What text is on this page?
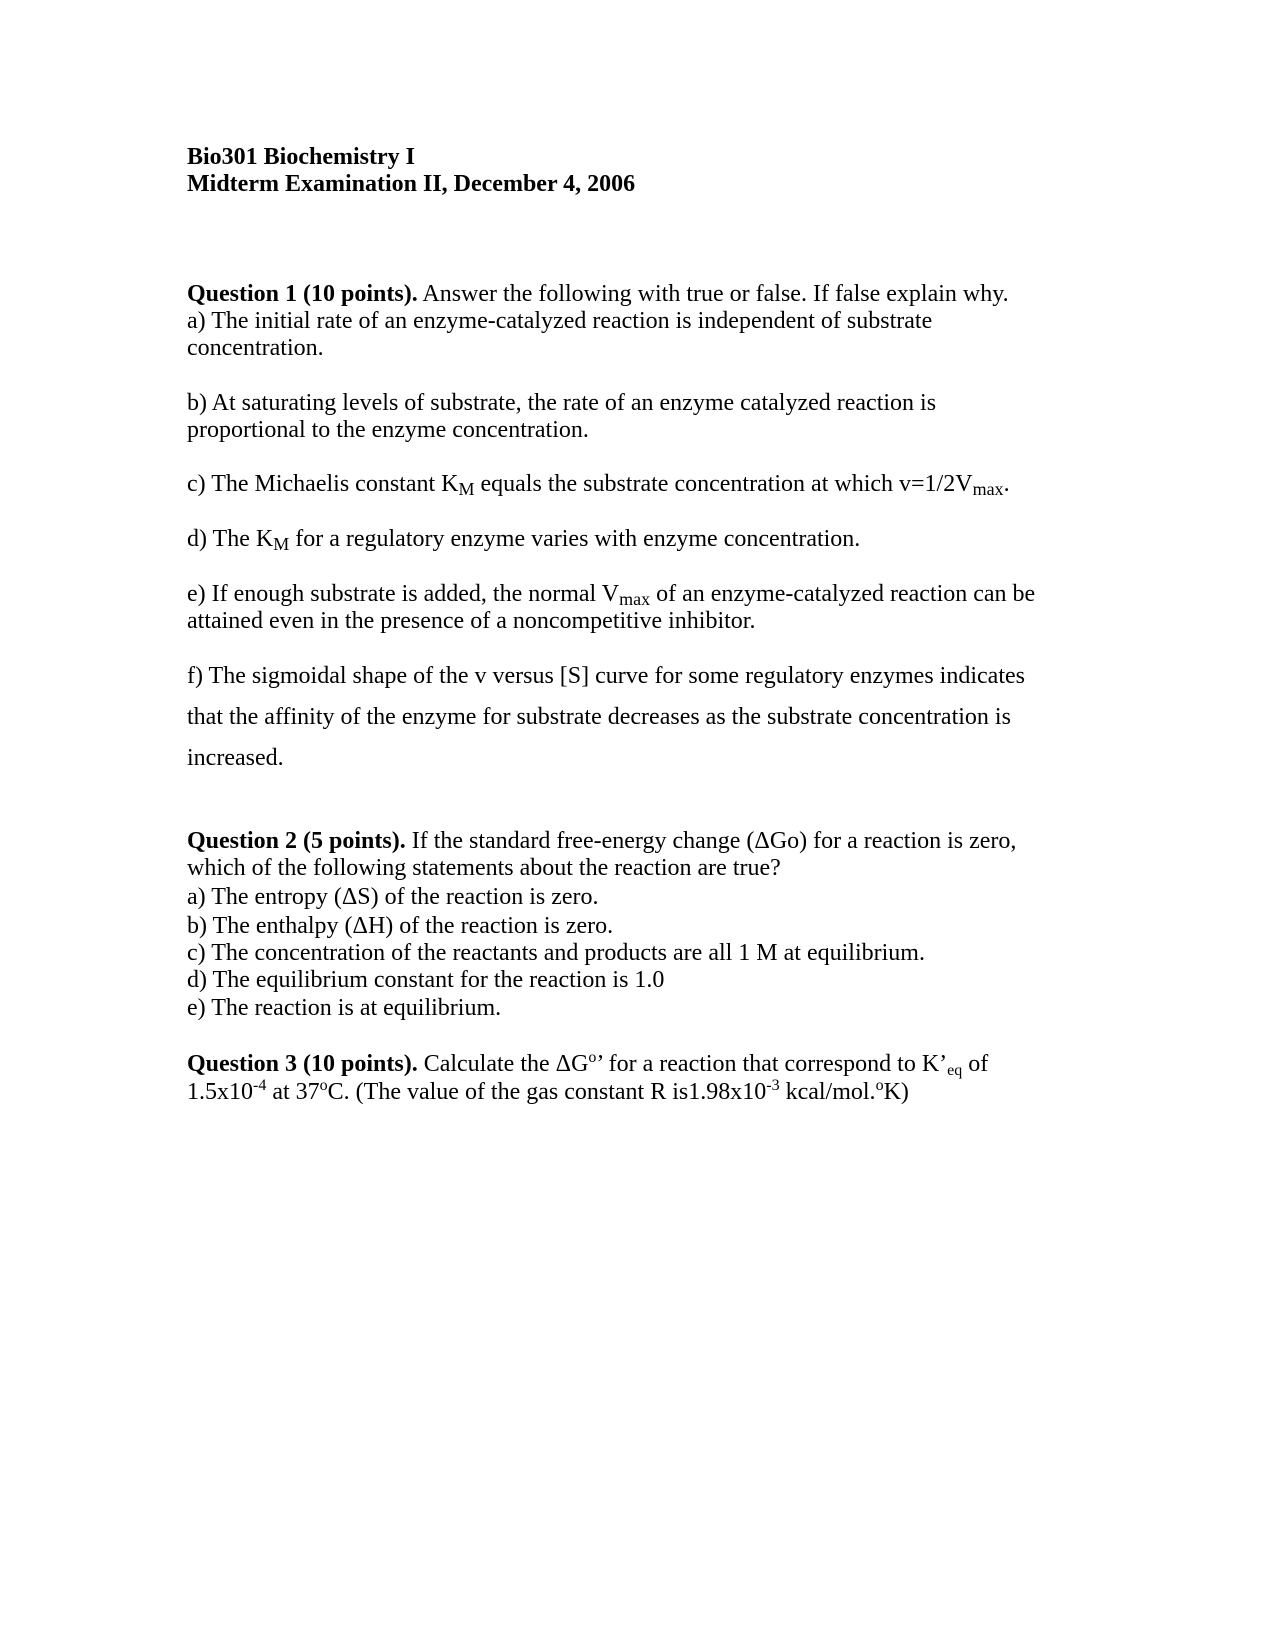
Bio301 Biochemistry I
Midterm Examination II, December 4, 2006
Question 1 (10 points). Answer the following with true or false. If false explain why.
a) The initial rate of an enzyme-catalyzed reaction is independent of substrate
concentration.
b) At saturating levels of substrate, the rate of an enzyme catalyzed reaction is
proportional to the enzyme concentration.
c) The Michaelis constant $K_M$ equals the substrate concentration at which $v=1/2V_{max}$.
d) The $K_M$ for a regulatory enzyme varies with enzyme concentration.
e) If enough substrate is added, the normal $V_{max}$ of an enzyme-catalyzed reaction can be
attained even in the presence of a noncompetitive inhibitor.
f) The sigmoidal shape of the v versus [S] curve for some regulatory enzymes indicates
that the affinity of the enzyme for substrate decreases as the substrate concentration is
increased.
Question 2 (5 points). If the standard free-energy change (ΔGo) for a reaction is zero,
which of the following statements about the reaction are true?
a) The entropy (ΔS) of the reaction is zero.
b) The enthalpy (ΔH) of the reaction is zero.
c) The concentration of the reactants and products are all 1 M at equilibrium.
d) The equilibrium constant for the reaction is 1.0
e) The reaction is at equilibrium.
Question 3 (10 points). Calculate the $\Delta G^o$’ for a reaction that correspond to $K’_{eq}$ of
$1.5x10^{-4}$ at 37$^o$C. (The value of the gas constant R $is1.98x10^{-3}$ kcal/mol.$^o$K)
